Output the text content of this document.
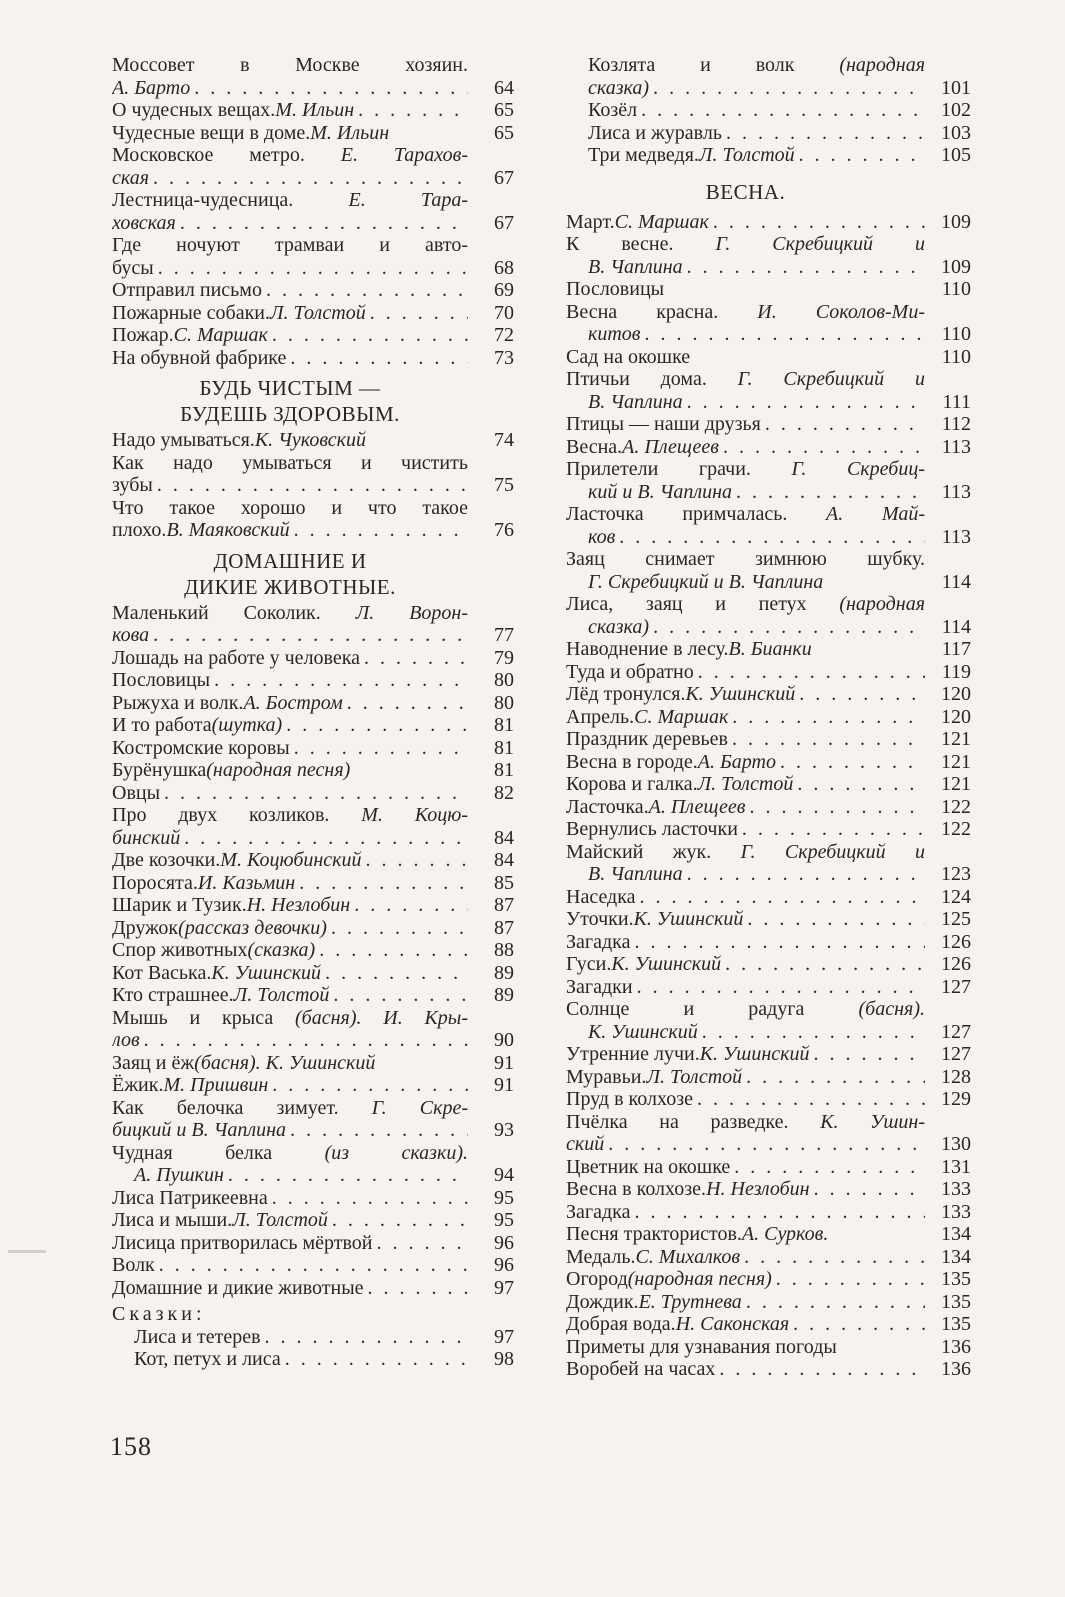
Моссовет в Москве хозяин.
А. Барто . . .	64
О чудесных вещах. М. Ильин . . .	65
Чудесные вещи в доме. М. Ильин	65
Московское метро. Е. Тарахов-
ская . . .	67
Лестница-чудесница. Е. Тара-
ховская . . .	67
Где ночуют трамваи и авто-
бусы . . .	68
Отправил письмо . . .	69
Пожарные собаки. Л. Толстой . . .	70
Пожар. С. Маршак . . .	72
На обувной фабрике . . .	73
БУДЬ ЧИСТЫМ —
БУДЕШЬ ЗДОРОВЫМ.
Надо умываться. К. Чуковский	74
Как надо умываться и чистить
зубы . . .	75
Что такое хорошо и что такое
плохо. В. Маяковский . . .	76
ДОМАШНИЕ И
ДИКИЕ ЖИВОТНЫЕ.
Маленький Соколик. Л. Ворон-
кова . . .	77
Лошадь на работе у человека . . .	79
Пословицы . . .	80
Рыжуха и волк. А. Бостром . . .	80
И то работа (шутка) . . .	81
Костромские коровы . . .	81
Бурёнушка (народная песня)	81
Овцы . . .	82
Про двух козликов. М. Коцю-
бинский . . .	84
Две козочки. М. Коцюбинский . . .	84
Поросята. И. Казьмин . . .	85
Шарик и Тузик. Н. Незлобин . . .	87
Дружок (рассказ девочки) . . .	87
Спор животных (сказка) . . .	88
Кот Васька. К. Ушинский . . .	89
Кто страшнее. Л. Толстой . . .	89
Мышь и крыса (басня). И. Кры-
лов . . .	90
Заяц и ёж (басня). К. Ушинский	91
Ёжик. М. Пришвин . . .	91
Как белочка зимует. Г. Скре-
бицкий и В. Чаплина . . .	93
Чудная белка (из сказки).
А. Пушкин . . .	94
Лиса Патрикеевна . . .	95
Лиса и мыши. Л. Толстой . . .	95
Лисица притворилась мёртвой . . .	96
Волк . . .	96
Домашние и дикие животные . . .	97
Сказки:
Лиса и тетерев . . .	97
Кот, петух и лиса . . .	98
Козлята и волк (народная
сказка) . . .	101
Козёл . . .	102
Лиса и журавль . . .	103
Три медведя. Л. Толстой . . .	105
ВЕСНА.
Март. С. Маршак . . .	109
К весне. Г. Скребицкий и
В. Чаплина . . .	109
Пословицы	110
Весна красна. И. Соколов-Ми-
китов . . .	110
Сад на окошке	110
Птичьи дома. Г. Скребицкий и
В. Чаплина . . .	111
Птицы — наши друзья . . .	112
Весна. А. Плещеев . . .	113
Прилетели грачи. Г. Скребиц-
кий и В. Чаплина . . .	113
Ласточка примчалась. А. Май-
ков . . .	113
Заяц снимает зимнюю шубку.
Г. Скребицкий и В. Чаплина	114
Лиса, заяц и петух (народная
сказка) . . .	114
Наводнение в лесу. В. Бианки	117
Туда и обратно . . .	119
Лёд тронулся. К. Ушинский . . .	120
Апрель. С. Маршак . . .	120
Праздник деревьев . . .	121
Весна в городе. А. Барто . . .	121
Корова и галка. Л. Толстой . . .	121
Ласточка. А. Плещеев . . .	122
Вернулись ласточки . . .	122
Майский жук. Г. Скребицкий и
В. Чаплина . . .	123
Наседка . . .	124
Уточки. К. Ушинский . . .	125
Загадка . . .	126
Гуси. К. Ушинский . . .	126
Загадки . . .	127
Солнце и радуга (басня).
К. Ушинский . . .	127
Утренние лучи. К. Ушинский . . .	127
Муравьи. Л. Толстой . . .	128
Пруд в колхозе . . .	129
Пчёлка на разведке. К. Ушин-
ский . . .	130
Цветник на окошке . . .	131
Весна в колхозе. Н. Незлобин . . .	133
Загадка . . .	133
Песня трактористов. А. Сурков.	134
Медаль. С. Михалков . . .	134
Огород (народная песня) . . .	135
Дождик. Е. Трутнева . . .	135
Добрая вода. Н. Саконская . . .	135
Приметы для узнавания погоды	136
Воробей на часах . . .	136
158
